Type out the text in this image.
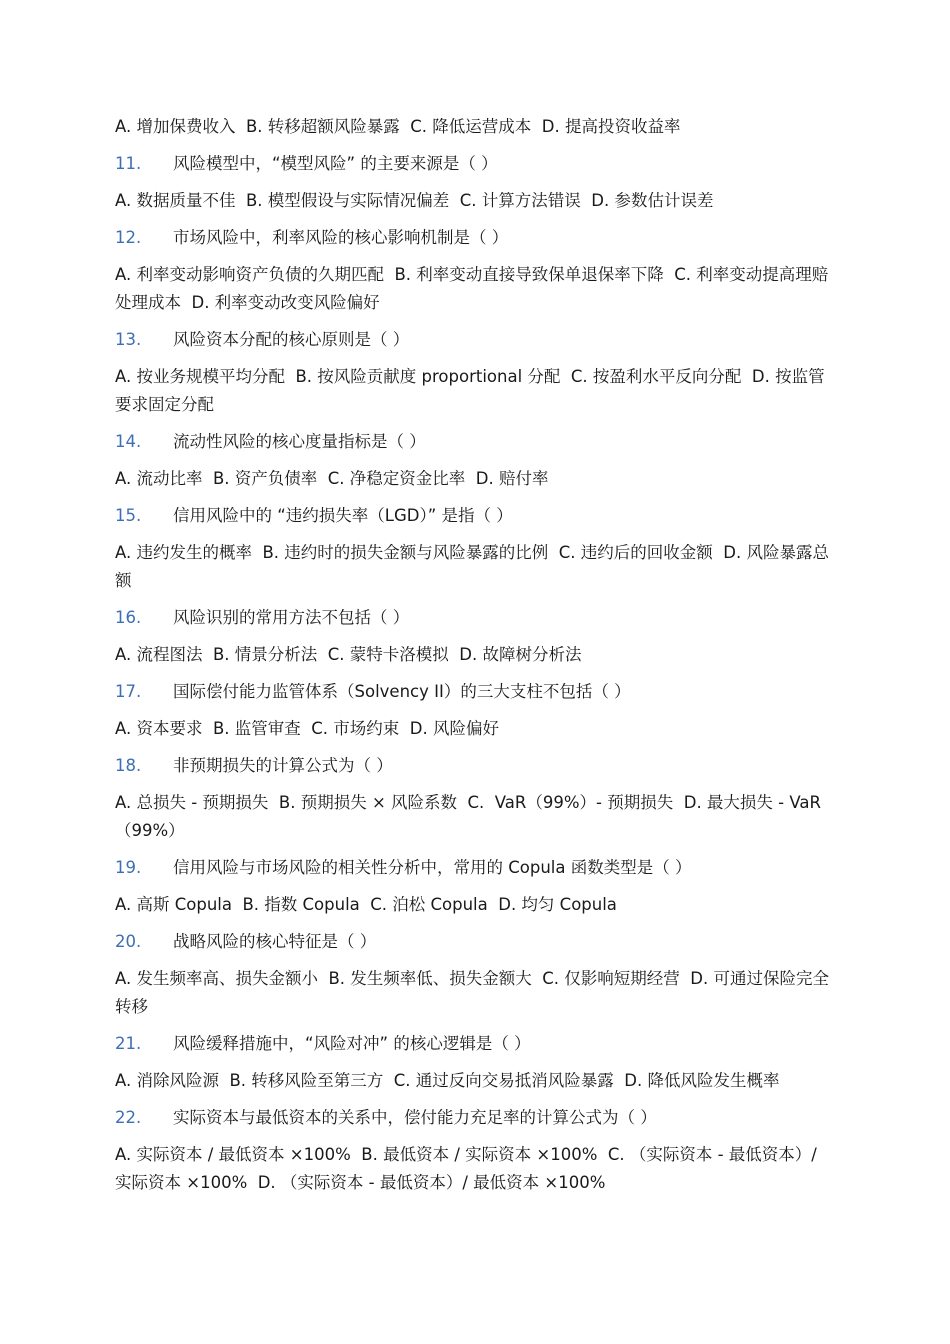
A. 增加保费收入  B. 转移超额风险暴露  C. 降低运营成本  D. 提高投资收益率

11.	风险模型中，“模型风险” 的主要来源是（ ）

A. 数据质量不佳  B. 模型假设与实际情况偏差  C. 计算方法错误  D. 参数估计误差

12.	市场风险中，利率风险的核心影响机制是（ ）

A. 利率变动影响资产负债的久期匹配  B. 利率变动直接导致保单退保率下降  C. 利率变动提高理赔处理成本  D. 利率变动改变风险偏好

13.	风险资本分配的核心原则是（ ）

A. 按业务规模平均分配  B. 按风险贡献度 proportional 分配  C. 按盈利水平反向分配  D. 按监管要求固定分配

14.	流动性风险的核心度量指标是（ ）

A. 流动比率  B. 资产负债率  C. 净稳定资金比率  D. 赔付率

15.	信用风险中的 “违约损失率（LGD）” 是指（ ）

A. 违约发生的概率  B. 违约时的损失金额与风险暴露的比例  C. 违约后的回收金额  D. 风险暴露总额

16.	风险识别的常用方法不包括（ ）

A. 流程图法  B. 情景分析法  C. 蒙特卡洛模拟  D. 故障树分析法

17.	国际偿付能力监管体系（Solvency II）的三大支柱不包括（ ）

A. 资本要求  B. 监管审查  C. 市场约束  D. 风险偏好

18.	非预期损失的计算公式为（ ）

A. 总损失 - 预期损失  B. 预期损失 × 风险系数  C.  VaR（99%）- 预期损失  D. 最大损失 - VaR（99%）

19.	信用风险与市场风险的相关性分析中，常用的 Copula 函数类型是（ ）

A. 高斯 Copula  B. 指数 Copula  C. 泊松 Copula  D. 均匀 Copula

20.	战略风险的核心特征是（ ）

A. 发生频率高、损失金额小  B. 发生频率低、损失金额大  C. 仅影响短期经营  D. 可通过保险完全转移

21.	风险缓释措施中，“风险对冲” 的核心逻辑是（ ）

A. 消除风险源  B. 转移风险至第三方  C. 通过反向交易抵消风险暴露  D. 降低风险发生概率

22.	实际资本与最低资本的关系中，偿付能力充足率的计算公式为（ ）

A. 实际资本 / 最低资本 ×100%  B. 最低资本 / 实际资本 ×100%  C. （实际资本 - 最低资本）/ 实际资本 ×100%  D. （实际资本 - 最低资本）/ 最低资本 ×100%
